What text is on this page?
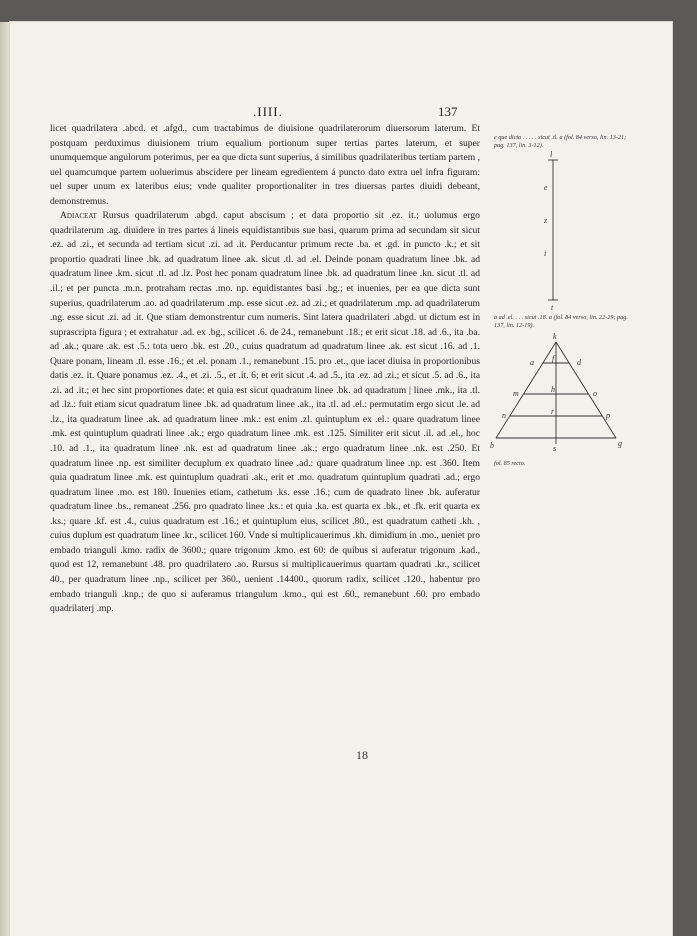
.IIII.	137

licet quadrilatera .abcd. et .afgd., cum tractabimus de diuisione quadrilaterorum diuersorum laterum. Et postquam perduximus diuisionem trium equalium portionum super tertias partes laterum, et super unumquemque angulorum poterimus, per ea que dicta sunt superius, á similibus quadrilateribus tertiam partem , uel quamcumque partem uoluerimus abscidere per lineam egredientem á puncto dato extra uel infra figuram: uel super unum ex lateribus eius; vnde qualiter proportionaliter in tres diuersas partes diuidi debeant, demonstremus.

Adiaceat Rursus quadrilaterum .abgd. caput abscisum ; et data proportio sit .ez. it.; uolumus ergo quadrilaterum .ag. diuidere in tres partes á lineis equidistantibus sue basi, quarum prima ad secundam sit sicut .ez. ad .zi., et secunda ad tertiam sicut .zi. ad .it. Perducantur primum recte .ba. et .gd. in puncto .k.; et sit proportio quadrati linee .bk. ad quadratum linee .ak. sicut .tl. ad .el. Deinde ponam quadratum linee .bk. ad quadratum linee .km. sicut .tl. ad .lz. Post hec ponam quadratum linee .bk. ad quadratum linee .kn. sicut .tl. ad .il.; et per puncta .m.n. protraham rectas .mo. np. equidistantes basi .bg.; et inuenies, per ea que dicta sunt superius, quadrilaterum .ao. ad quadrilaterum .mp. esse sicut .ez. ad .zi.; et quadrilaterum .mp. ad quadrilaterum .ng. esse sicut .zi. ad .it. Que stiam demonstrentur cum numeris. Sint latera quadrilateri .abgd. ut dictum est in suprascripta figura ; et extrahatur .ad. ex .bg., scilicet .6. de 24., remanebunt .18.; et erit sicut .18. ad .6., ita .ba. ad .ak.; quare .ak. est .5.: tota uero .bk. est .20., cuius quadratum ad quadratum linee .ak. est sicut .16. ad .1. Quare ponam, lineam .tl. esse .16.; et .el. ponam .1., remanebunt .15. pro .et., que iacet diuisa in proportionibus datis .ez. it. Quare ponamus .ez. .4., et .zi. .5., et .it. 6; et erit sicut .4. ad .5., ita .ez. ad .zi.; et sicut .5. ad .6., ita .zi. ad .it.; et hec sint proportiones date: et quia est sicut quadratum linee .bk. ad quadratum | linee .mk., ita .tl. ad .lz.: fuit etiam sicut quadratum linee .bk. ad quadratum linee .ak., ita .tl. ad .el.: permutatim ergo sicut .le. ad .lz., ita quadratum linee .ak. ad quadratum linee .mk.: est enim .zl. quintuplum ex .el.: quare quadratum linee .mk. est quintuplum quadrati linee .ak.; ergo quadratum linee .mk. est .125. Similiter erit sicut .il. ad .el., hoc .10. ad .1., ita quadratum linee .nk. est ad quadratum linee .ak.; ergo quadratum linee .nk. est .250. Et quadratum linee .np. est similiter decuplum ex quadrato linee .ad.: quare quadratum linee .np. est .360. Item quia quadratum linee .mk. est quintuplum quadrati .ak., erit et .mo. quadratum quintuplum quadrati .ad.; ergo quadratum linee .mo. est 180. Inuenies etiam, cathetum .ks. esse .16.; cum de quadrato linee .bk. auferatur quadratum linee .bs., remaneat .256. pro quadrato linee .ks.: et quia .ka. est quarta ex .bk., et .fk. erit quarta ex .ks.; quare .kf. est .4., cuius quadratum est .16.; et quintuplum eius, scilicet .80., est quadratum catheti .kh. , cuius duplum est quadratum linee .kr., scilicet 160. Vnde si multiplicauerimus .kh. dimidium in .mo., ueniet pro embado trianguli .kmo. radix de 3600.; quare trigonum .kmo. est 60: de quibus si auferatur trigonum .kad., quod est 12, remanebunt .48. pro quadrilatero .ao. Rursus si multiplicauerimus quartam quadrati .kr., scilicet 40., per quadratum linee .np., scilicet per 360., uenient .14400., quorum radix, scilicet .120., habentur pro embado trianguli .knp.; de quo si auferamus triangulum .kmo., qui est .60., remanebunt .60. pro embado quadrilaterj .mp.

18
e que dicta . . . . . sicut .tl. a (fol. 84 verso, lin. 13-21; pag. 137, lin. 3-12).
l
e
z
i
t
a ad .el. . . . sicut .18. a (fol. 84 verso, lin. 22-29; pag. 137, lin. 12-19).
k
a f	d
m	h	o
n	r	p
b	s
g
fol. 85 recto.
